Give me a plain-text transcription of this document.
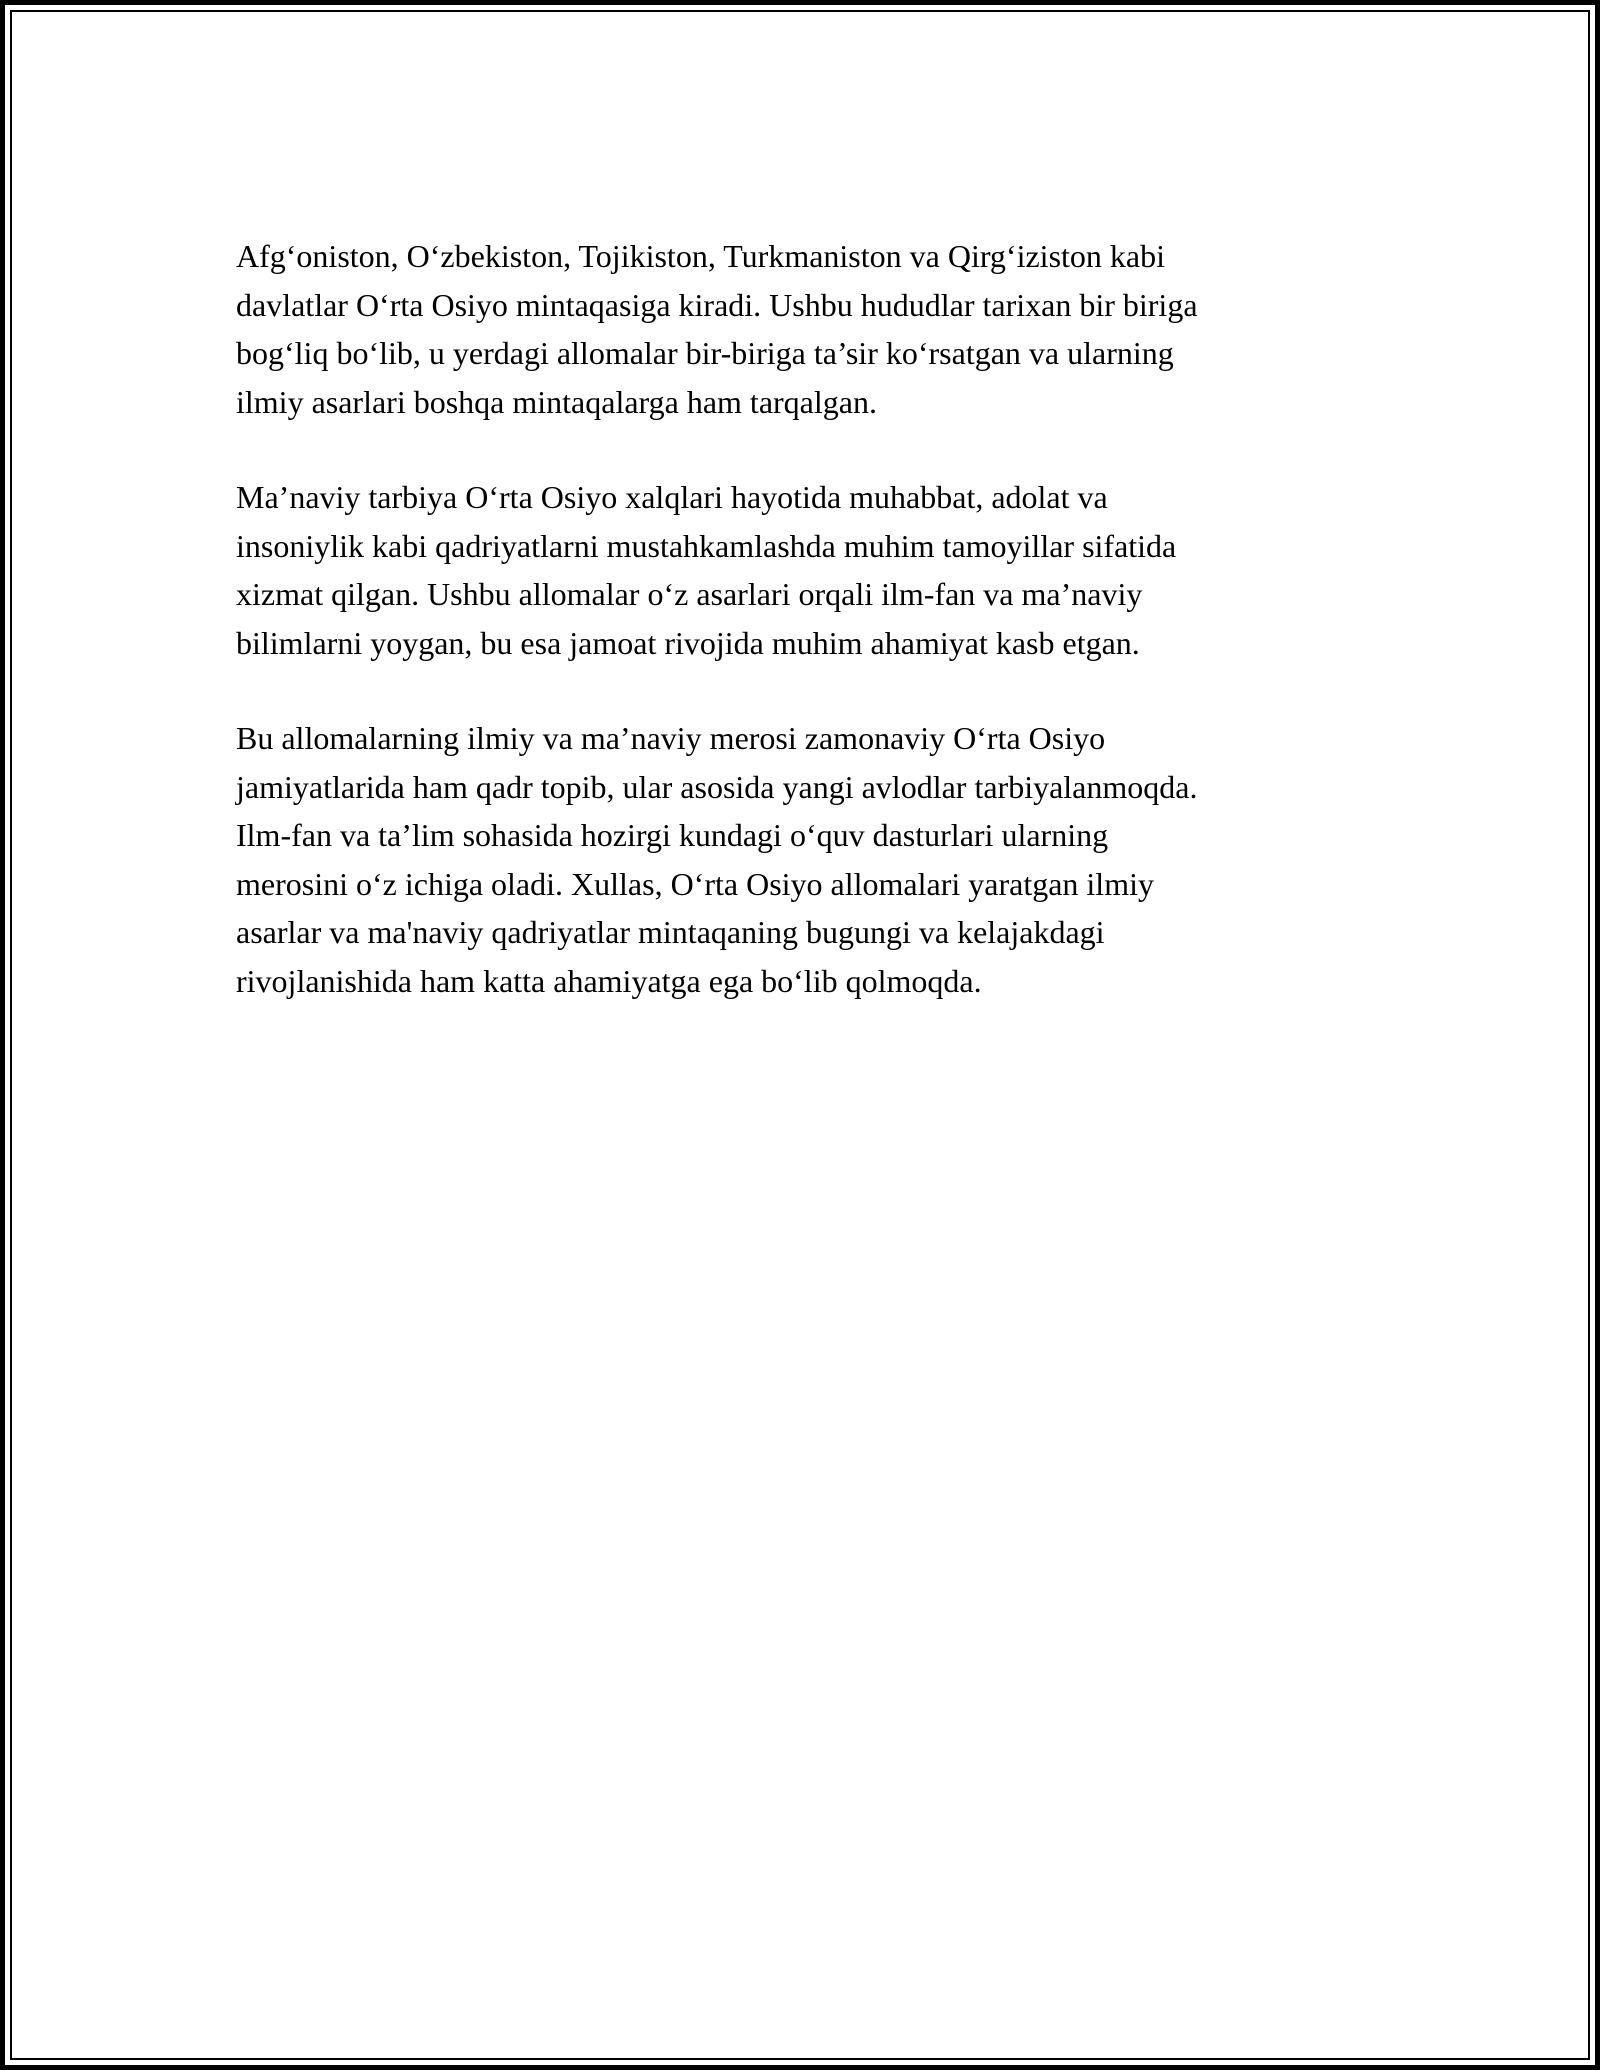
Afg‘oniston, O‘zbekiston, Tojikiston, Turkmaniston va Qirg‘iziston kabi
davlatlar O‘rta Osiyo mintaqasiga kiradi. Ushbu hududlar tarixan bir biriga
bog‘liq bo‘lib, u yerdagi allomalar bir-biriga ta’sir ko‘rsatgan va ularning
ilmiy asarlari boshqa mintaqalarga ham tarqalgan.

Ma’naviy tarbiya O‘rta Osiyo xalqlari hayotida muhabbat, adolat va
insoniylik kabi qadriyatlarni mustahkamlashda muhim tamoyillar sifatida
xizmat qilgan. Ushbu allomalar o‘z asarlari orqali ilm-fan va ma’naviy
bilimlarni yoygan, bu esa jamoat rivojida muhim ahamiyat kasb etgan.

Bu allomalarning ilmiy va ma’naviy merosi zamonaviy O‘rta Osiyo
jamiyatlarida ham qadr topib, ular asosida yangi avlodlar tarbiyalanmoqda.
Ilm-fan va ta’lim sohasida hozirgi kundagi o‘quv dasturlari ularning
merosini o‘z ichiga oladi. Xullas, O‘rta Osiyo allomalari yaratgan ilmiy
asarlar va ma'naviy qadriyatlar mintaqaning bugungi va kelajakdagi
rivojlanishida ham katta ahamiyatga ega bo‘lib qolmoqda.
